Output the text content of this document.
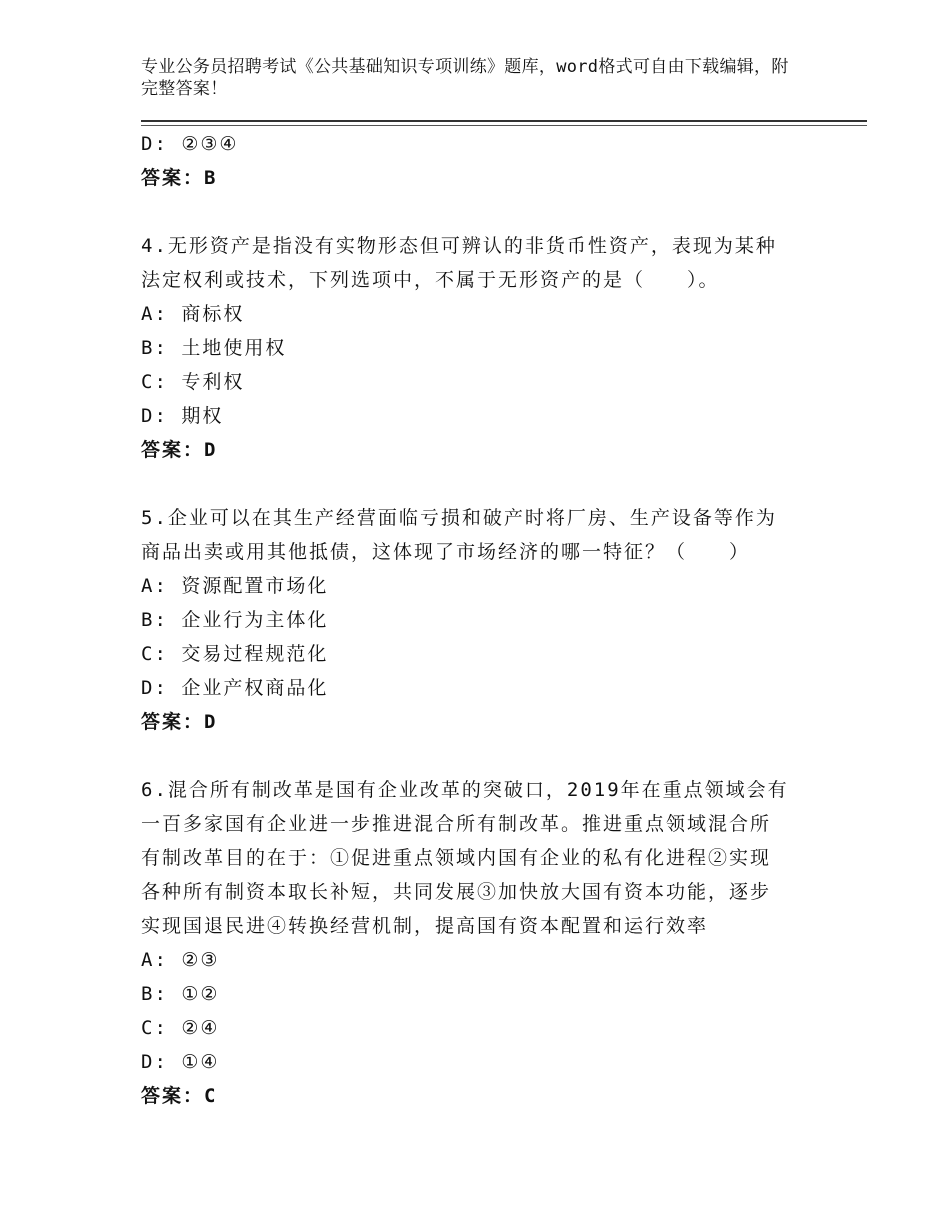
专业公务员招聘考试《公共基础知识专项训练》题库，word格式可自由下载编辑，附完整答案！
D: ②③④
答案：B
4.无形资产是指没有实物形态但可辨认的非货币性资产，表现为某种
法定权利或技术，下列选项中，不属于无形资产的是（　　）。
A: 商标权
B: 土地使用权
C: 专利权
D: 期权
答案：D
5.企业可以在其生产经营面临亏损和破产时将厂房、生产设备等作为
商品出卖或用其他抵债，这体现了市场经济的哪一特征？（　　）
A: 资源配置市场化
B: 企业行为主体化
C: 交易过程规范化
D: 企业产权商品化
答案：D
6.混合所有制改革是国有企业改革的突破口，2019年在重点领域会有
一百多家国有企业进一步推进混合所有制改革。推进重点领域混合所
有制改革目的在于：①促进重点领域内国有企业的私有化进程②实现
各种所有制资本取长补短，共同发展③加快放大国有资本功能，逐步
实现国退民进④转换经营机制，提高国有资本配置和运行效率
A: ②③
B: ①②
C: ②④
D: ①④
答案：C
